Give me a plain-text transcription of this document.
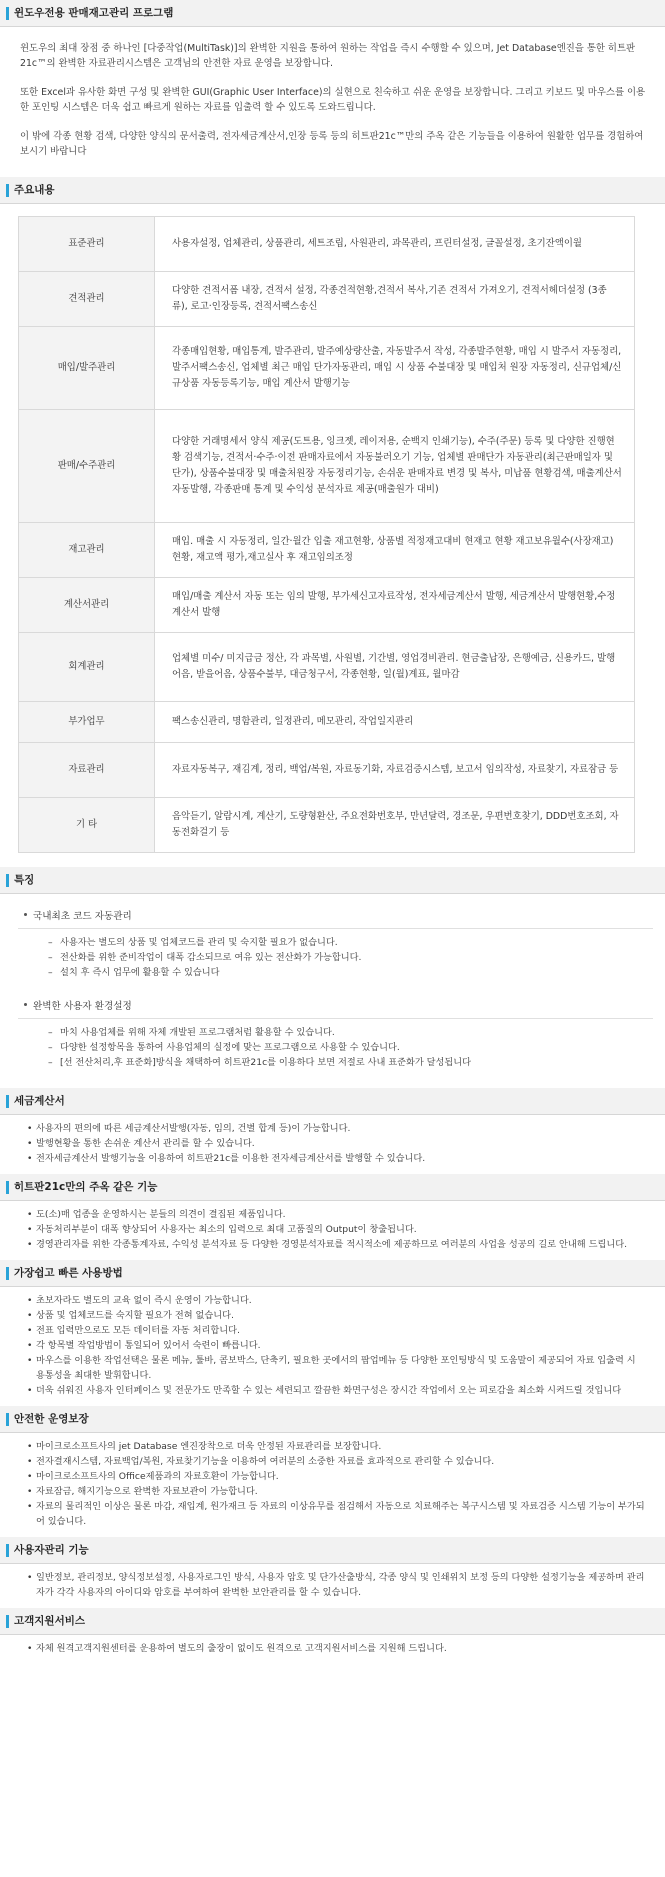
윈도우전용 판매재고관리 프로그램

윈도우의 최대 장점 중 하나인 [다중작업(MultiTask)]의 완벽한 지원을 통하여 원하는 작업을 즉시 수행할 수 있으며, Jet Database엔진을 통한 히트판21c™의 완벽한 자료관리시스템은 고객님의 안전한 자료 운영을 보장합니다.

또한 Excel과 유사한 화면 구성 및 완벽한 GUI(Graphic User Interface)의 실현으로 친숙하고 쉬운 운영을 보장합니다. 그리고 키보드 및 마우스를 이용한 포인팅 시스템은 더욱 쉽고 빠르게 원하는 자료를 입출력 할 수 있도록 도와드립니다.

이 밖에 각종 현황 검색, 다양한 양식의 문서출력, 전자세금계산서,인장 등록 등의 히트판21c™만의 주옥 같은 기능들을 이용하여 원활한 업무를 경험하여 보시기 바랍니다

주요내용
표준관리	사용자설정, 업체관리, 상품관리, 세트조립, 사원관리, 과목관리, 프린터설정, 글꼴설정, 초기잔액이월
견적관리	다양한 견적서폼 내장, 견적서 설정, 각종견적현황,견적서 복사,기존 견적서 가져오기, 견적서헤더설정 (3종류), 로고·인장등록, 견적서팩스송신
매입/발주관리	각종매입현황, 매입통계, 발주관리, 발주예상량산출, 자동발주서 작성, 각종발주현황, 매입 시 발주서 자동정리, 발주서팩스송신, 업체별 최근 매입 단가자동관리, 매입 시 상품 수불대장 및 매입처 원장 자동정리, 신규업체/신규상품 자동등록기능, 매입 계산서 발행기능
판매/수주관리	다양한 거래명세서 양식 제공(도트용, 잉크젯, 레이저용, 순백지 인쇄기능), 수주(주문) 등록 및 다양한 진행현황 검색기능, 견적서·수주·이전 판매자료에서 자동불러오기 기능, 업체별 판매단가 자동관리(최근판매일자 및 단가), 상품수불대장 및 매출처원장 자동정리기능, 손쉬운 판매자료 변경 및 복사, 미납품 현황검색, 매출계산서 자동발행, 각종판매 통계 및 수익성 분석자료 제공(매출원가 대비)
재고관리	매입. 매출 시 자동정리, 일간·월간 입출 재고현황, 상품별 적정재고대비 현재고 현황 재고보유월수(사장재고)현황, 재고액 평가,재고실사 후 재고임의조정
계산서관리	매입/매출 계산서 자동 또는 임의 발행, 부가세신고자료작성, 전자세금계산서 발행, 세금계산서 발행현황,수정계산서 발행
회계관리	업체별 미수/ 미지급금 정산, 각 과목별, 사원별, 기간별, 영업경비관리. 현금출납장, 은행예금, 신용카드, 발행어음, 받을어음, 상품수불부, 대금청구서, 각종현황, 일(월)계표, 월마감
부가업무	팩스송신관리, 명함관리, 일정관리, 메모관리, 작업일지관리
자료관리	자료자동복구, 재김계, 정리, 백업/복원, 자료동기화, 자료검증시스템, 보고서 임의작성, 자료찾기, 자료잠금 등
기 타	음악듣기, 알람시계, 계산기, 도량형환산, 주요전화번호부, 만년달력, 경조문, 우편번호찾기, DDD번호조회, 자동전화걸기 등
특징
국내최초 코드 자동관리
– 사용자는 별도의 상품 및 업체코드를 관리 및 숙지할 필요가 없습니다.
– 전산화를 위한 준비작업이 대폭 감소되므로 여유 있는 전산화가 가능합니다.
– 설치 후 즉시 업무에 활용할 수 있습니다
완벽한 사용자 환경설정
– 마치 사용업체를 위해 자체 개발된 프로그램처럼 활용할 수 있습니다.
– 다양한 설정항목을 통하여 사용업체의 실정에 맞는 프로그램으로 사용할 수 있습니다.
– [선 전산처리,후 표준화]방식을 채택하여 히트판21c를 이용하다 보면 저절로 사내 표준화가 달성됩니다
세금계산서
• 사용자의 편의에 따른 세금계산서발행(자동, 임의, 건별 합계 등)이 가능합니다.
• 발행현황을 통한 손쉬운 계산서 관리를 할 수 있습니다.
• 전자세금계산서 발행기능을 이용하여 히트판21c를 이용한 전자세금계산서를 발행할 수 있습니다.
히트판21c만의 주옥 같은 기능
• 도(소)매 업종을 운영하시는 분들의 의견이 결집된 제품입니다.
• 자동처리부분이 대폭 향상되어 사용자는 최소의 입력으로 최대 고품질의 Output이 창출됩니다.
• 경영관리자를 위한 각종통계자료, 수익성 분석자료 등 다양한 경영분석자료를 적시적소에 제공하므로 여러분의 사업을 성공의 길로 안내해 드립니다.
가장쉽고 빠른 사용방법
• 초보자라도 별도의 교육 없이 즉시 운영이 가능합니다.
• 상품 및 업체코드를 숙지할 필요가 전혀 없습니다.
• 전표 입력만으로도 모든 데이터를 자동 처리합니다.
• 각 항목별 작업방법이 통일되어 있어서 숙련이 빠릅니다.
• 마우스를 이용한 작업선택은 물론 메뉴, 툴바, 콤보박스, 단축키, 필요한 곳에서의 팝업메뉴 등 다양한 포인팅방식 및 도움말이 제공되어 자료 입출력 시 용통성을 최대한 발휘합니다.
• 더욱 쉬워진 사용자 인터페이스 및 전문가도 만족할 수 있는 세련되고 깔끔한 화면구성은 장시간 작업에서 오는 피로감을 최소화 시켜드릴 것입니다
안전한 운영보장
• 마이크로소프트사의 jet Database 엔진장착으로 더욱 안정된 자료관리를 보장합니다.
• 전자결재시스템, 자료백업/복원, 자료찾기기능을 이용하여 여러분의 소중한 자료를 효과적으로 관리할 수 있습니다.
• 마이크로소프트사의 Office제품과의 자료호환이 가능합니다.
• 자료잠금, 해지기능으로 완벽한 자료보관이 가능합니다.
• 자료의 물리적인 이상은 물론 마감, 재입계, 원가재크 등 자료의 이상유무를 점검해서 자동으로 치료해주는 복구시스템 및 자료검증 시스템 기능이 부가되어 있습니다.
사용자관리 기능
• 일반정보, 관리정보, 양식정보설정, 사용자로그인 방식, 사용자 암호 및 단가산출방식, 각종 양식 및 인쇄위치 보정 등의 다양한 설정기능을 제공하며 관리자가 각각 사용자의 아이디와 암호를 부여하여 완벽한 보안관리를 할 수 있습니다.
고객지원서비스
• 자체 원격고객지원센터를 운용하여 별도의 출장이 없이도 원격으로 고객지원서비스를 지원해 드립니다.
